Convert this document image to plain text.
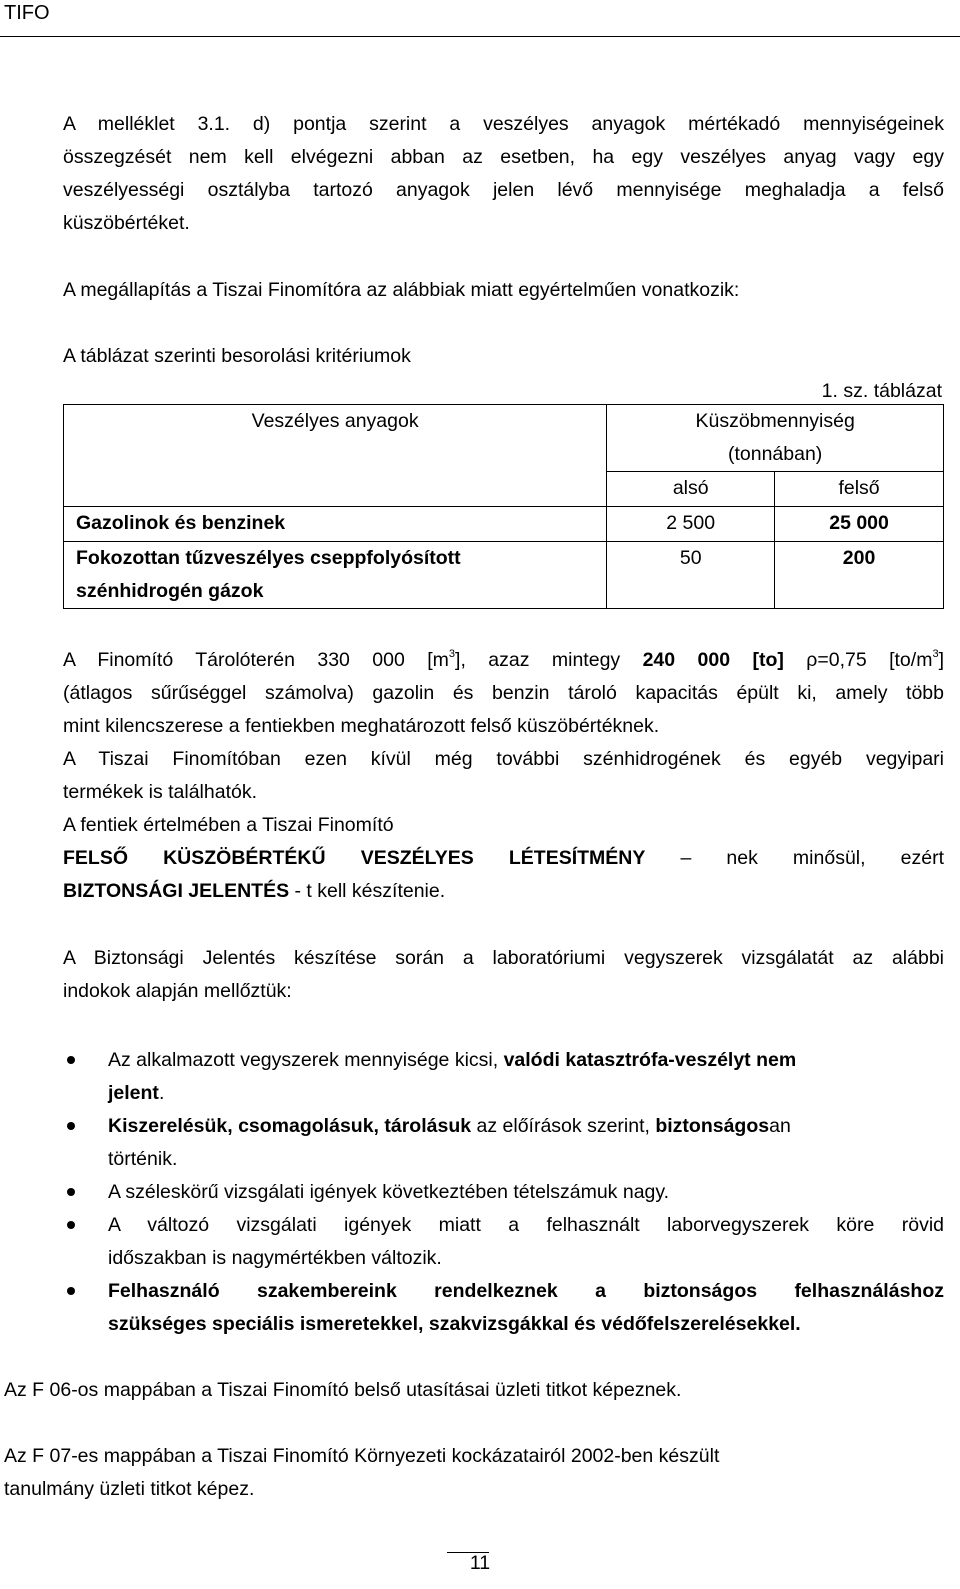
TIFO
A melléklet 3.1. d) pontja szerint a veszélyes anyagok mértékadó mennyiségeinek
összegzését nem kell elvégezni abban az esetben, ha egy veszélyes anyag vagy egy
veszélyességi osztályba tartozó anyagok jelen lévő mennyisége meghaladja a felső
küszöbértéket.
A megállapítás a Tiszai Finomítóra az alábbiak miatt egyértelműen vonatkozik:
A táblázat szerinti besorolási kritériumok
1. sz. táblázat
Veszélyes anyagok	Küszöbmennyiség
(tonnában)	

	alsó	felső
Gazolinok és benzinek	2 500	25 000

Fokozottan tűzveszélyes cseppfolyósított
szénhidrogén gázok	50	200
A Finomító Tárolóterén 330 000 $[m^3]$, azaz mintegy 240 000 [to] ρ=0,75 $[to/m^3]$
(átlagos sűrűséggel számolva) gazolin és benzin tároló kapacitás épült ki, amely több
mint kilencszerese a fentiekben meghatározott felső küszöbértéknek.
A Tiszai Finomítóban ezen kívül még további szénhidrogének és egyéb vegyipari
termékek is találhatók.
A fentiek értelmében a Tiszai Finomító
FELSŐ KÜSZÖBÉRTÉKŰ VESZÉLYES LÉTESÍTMÉNY – nek minősül, ezért
BIZTONSÁGI JELENTÉS - t kell készítenie.
A Biztonsági Jelentés készítése során a laboratóriumi vegyszerek vizsgálatát az alábbi
indokok alapján mellőztük:
Az alkalmazott vegyszerek mennyisége kicsi, valódi katasztrófa-veszélyt nem
jelent.
Kiszerelésük, csomagolásuk, tárolásuk az előírások szerint, biztonságosan
történik.
A széleskörű vizsgálati igények következtében tételszámuk nagy.
A változó vizsgálati igények miatt a felhasznált laborvegyszerek köre rövid
időszakban is nagymértékben változik.
Felhasználó szakembereink rendelkeznek a biztonságos felhasználáshoz
szükséges speciális ismeretekkel, szakvizsgákkal és védőfelszerelésekkel.
Az F 06-os mappában a Tiszai Finomító belső utasításai üzleti titkot képeznek.
Az F 07-es mappában a Tiszai Finomító Környezeti kockázatairól 2002-ben készült
tanulmány üzleti titkot képez.
11
